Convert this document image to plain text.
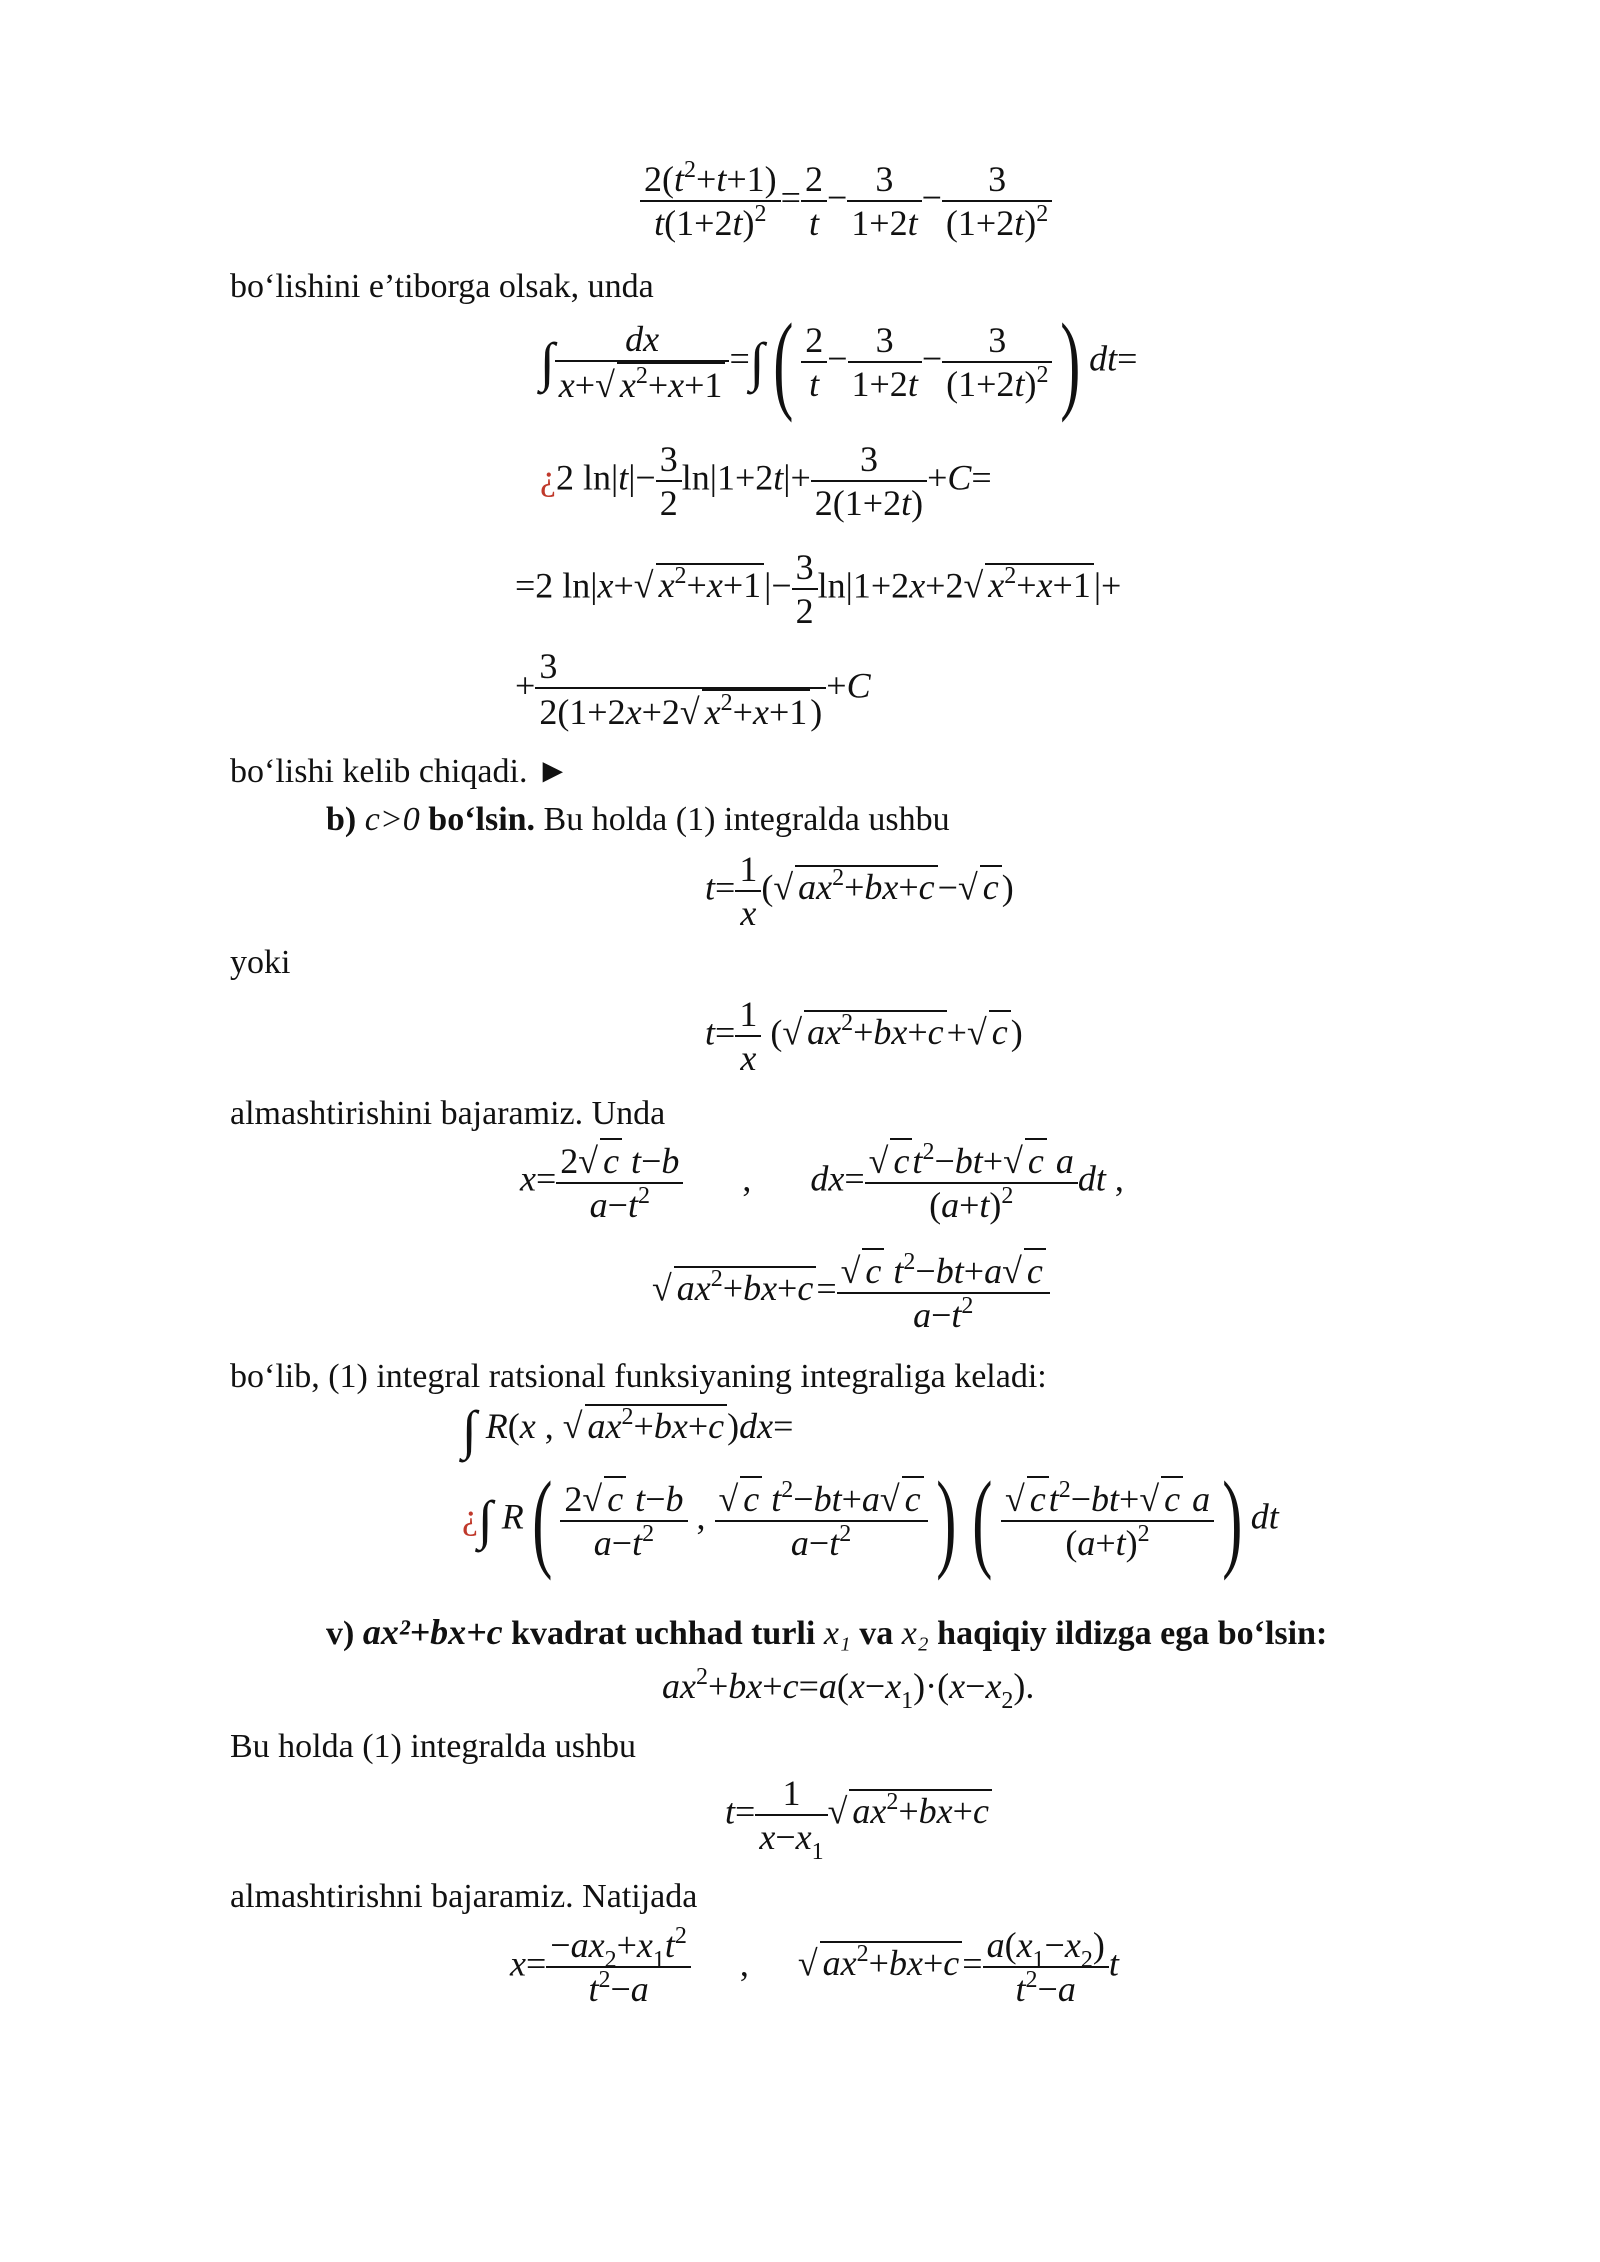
$\frac{2(t^2+t+1)}{t(1+2t)^2} = \frac{2}{t} - \frac{3}{1+2t} - \frac{3}{(1+2t)^2}$
bo‘lishini e’tiborga olsak, unda
∫ $\frac{dx}{x+√ x^2+x+1}$ =∫( $\frac{2}{t} - \frac{3}{1+2t} - \frac{3}{(1+2t)^2}$ ) dt=
¿2 $\ln|t|- \frac{3}{2} \ln|1+2t|+ \frac{3}{2(1+2t)} +C=$
=2 ln|x+√ $x^2+x+1|- \frac{3}{2} \ln|1+2x+2√$ $x^2+x+1|+$
+ $\frac{3}{2(1+2x+2√ x^2+x+1)} +C$
bo‘lishi kelib chiqadi. ►
b) c>0 bo‘lsin. Bu holda (1) integralda ushbu
$t= \frac{1}{x}$ (√ $ax^2+bx+c-√$ c)
yoki
$t= \frac{1}{x}$ (√ $ax^2+bx+c+√$ c)
almashtirishini bajaramiz. Unda
$x= \frac{\text{2√ c t−b}}{a-t^2}$ , $dx= \frac{√ ct^2-bt+√ c a}{(a+t)^2}$ dt ,
√ $ax^2+bx+c= \frac{√ c t^2-bt+a√ c}{a-t^2}$
bo‘lib, (1) integral ratsional funksiyaning integraliga keladi:
∫ R(x , √ $ax^2+bx+c)dx=$
¿∫ $R( \frac{\text{2√ c t−b}}{a-t^2}$ , $\frac{√ c t^2-bt+a√ c}{a-t^2}$ ) ( $\frac{√ ct^2-bt+√ c a}{(a+t)^2}$ ) dt
v) ax²+bx+c kvadrat uchhad turli x₁ va x₂ haqiqiy ildizga ega bo‘lsin:
$ax^2+bx+c=a(x-x_1)\cdot(x-x_2)$.
Bu holda (1) integralda ushbu
$t= \frac{1}{x-x_1}$ √ $ax^2+bx+c$
almashtirishni bajaramiz. Natijada
$x= \frac{-ax_2+x_1t^2}{t^2-a}$ , √ $ax^2+bx+c= \frac{a(x_1-x_2)}{t^2-a}$ t
